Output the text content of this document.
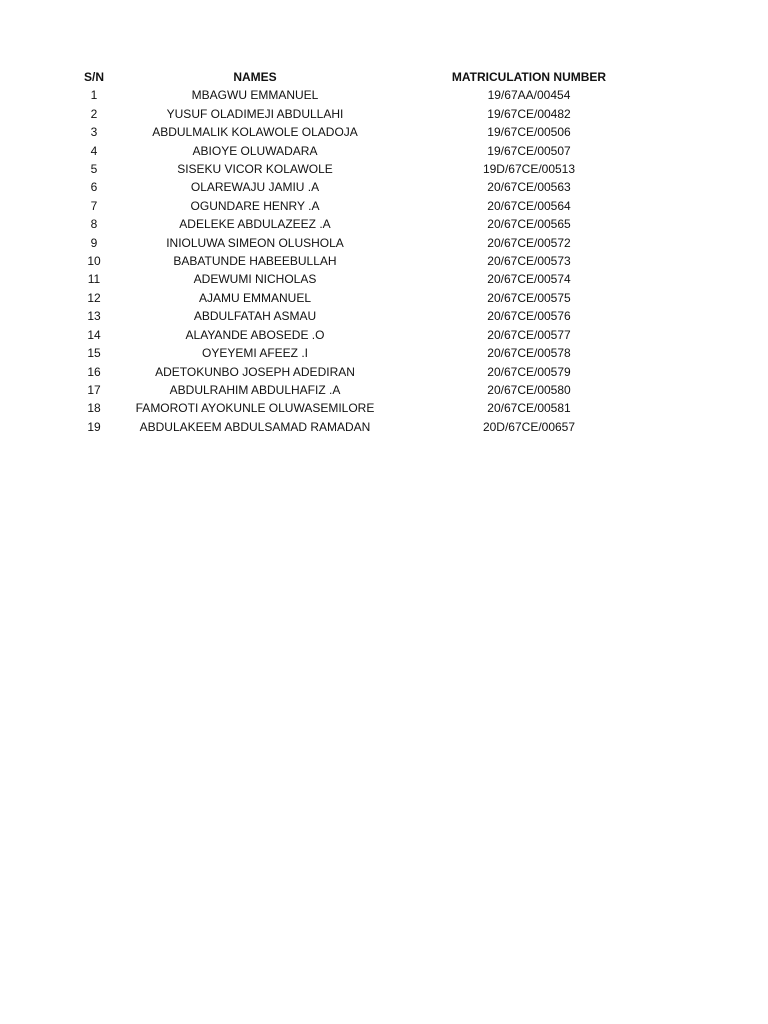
S/N	NAMES	MATRICULATION NUMBER
1	MBAGWU EMMANUEL	19/67AA/00454
2	YUSUF OLADIMEJI ABDULLAHI	19/67CE/00482
3	ABDULMALIK KOLAWOLE OLADOJA	19/67CE/00506
4	ABIOYE OLUWADARA	19/67CE/00507
5	SISEKU VICOR KOLAWOLE	19D/67CE/00513
6	OLAREWAJU JAMIU .A	20/67CE/00563
7	OGUNDARE HENRY .A	20/67CE/00564
8	ADELEKE ABDULAZEEZ .A	20/67CE/00565
9	INIOLUWA SIMEON OLUSHOLA	20/67CE/00572
10	BABATUNDE HABEEBULLAH	20/67CE/00573
11	ADEWUMI NICHOLAS	20/67CE/00574
12	AJAMU EMMANUEL	20/67CE/00575
13	ABDULFATAH ASMAU	20/67CE/00576
14	ALAYANDE ABOSEDE .O	20/67CE/00577
15	OYEYEMI AFEEZ .I	20/67CE/00578
16	ADETOKUNBO JOSEPH ADEDIRAN	20/67CE/00579
17	ABDULRAHIM ABDULHAFIZ .A	20/67CE/00580
18	FAMOROTI AYOKUNLE OLUWASEMILORE	20/67CE/00581
19	ABDULAKEEM ABDULSAMAD RAMADAN	20D/67CE/00657
